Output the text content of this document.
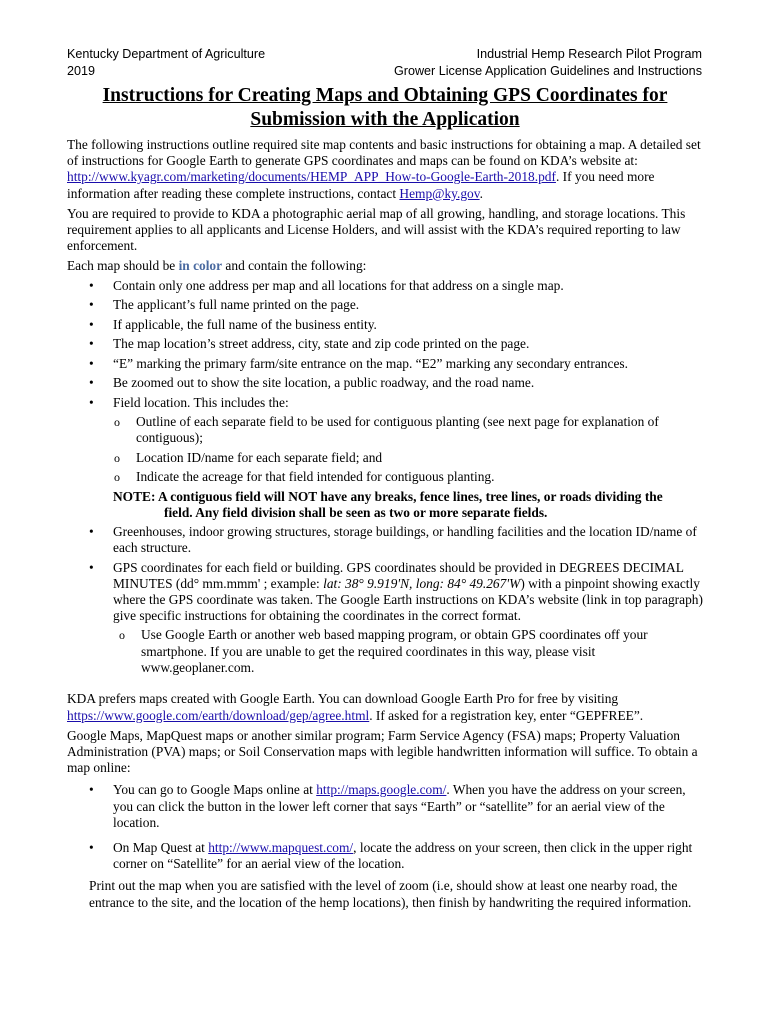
Kentucky Department of Agriculture
2019
Industrial Hemp Research Pilot Program
Grower License Application Guidelines and Instructions
Instructions for Creating Maps and Obtaining GPS Coordinates for
Submission with the Application

The following instructions outline required site map contents and basic instructions for obtaining a map. A detailed set of instructions for Google Earth to generate GPS coordinates and maps can be found on KDA’s website at: http://www.kyagr.com/marketing/documents/HEMP_APP_How-to-Google-Earth-2018.pdf. If you need more information after reading these complete instructions, contact Hemp@ky.gov.

You are required to provide to KDA a photographic aerial map of all growing, handling, and storage locations. This requirement applies to all applicants and License Holders, and will assist with the KDA’s required reporting to law enforcement.

Each map should be in color and contain the following:

• Contain only one address per map and all locations for that address on a single map.
• The applicant’s full name printed on the page.
• If applicable, the full name of the business entity.
• The map location’s street address, city, state and zip code printed on the page.
• “E” marking the primary farm/site entrance on the map. “E2” marking any secondary entrances.
• Be zoomed out to show the site location, a public roadway, and the road name.
• Field location. This includes the:
o Outline of each separate field to be used for contiguous planting (see next page for explanation of contiguous);
o Location ID/name for each separate field; and
o Indicate the acreage for that field intended for contiguous planting.
NOTE: A contiguous field will NOT have any breaks, fence lines, tree lines, or roads dividing the
field. Any field division shall be seen as two or more separate fields.
• Greenhouses, indoor growing structures, storage buildings, or handling facilities and the location ID/name of each structure.
• GPS coordinates for each field or building. GPS coordinates should be provided in DEGREES DECIMAL MINUTES (dd° mm.mmm' ; example: lat: 38° 9.919'N, long: 84° 49.267'W) with a pinpoint showing exactly where the GPS coordinate was taken. The Google Earth instructions on KDA’s website (link in top paragraph) give specific instructions for obtaining the coordinates in the correct format.
o Use Google Earth or another web based mapping program, or obtain GPS coordinates off your smartphone. If you are unable to get the required coordinates in this way, please visit www.geoplaner.com.

KDA prefers maps created with Google Earth. You can download Google Earth Pro for free by visiting https://www.google.com/earth/download/gep/agree.html. If asked for a registration key, enter “GEPFREE”.

Google Maps, MapQuest maps or another similar program; Farm Service Agency (FSA) maps; Property Valuation Administration (PVA) maps; or Soil Conservation maps with legible handwritten information will suffice. To obtain a map online:

• You can go to Google Maps online at http://maps.google.com/. When you have the address on your screen, you can click the button in the lower left corner that says “Earth” or “satellite” for an aerial view of the location.
• On Map Quest at http://www.mapquest.com/, locate the address on your screen, then click in the upper right corner on “Satellite” for an aerial view of the location.

Print out the map when you are satisfied with the level of zoom (i.e, should show at least one nearby road, the entrance to the site, and the location of the hemp locations), then finish by handwriting the required information.
